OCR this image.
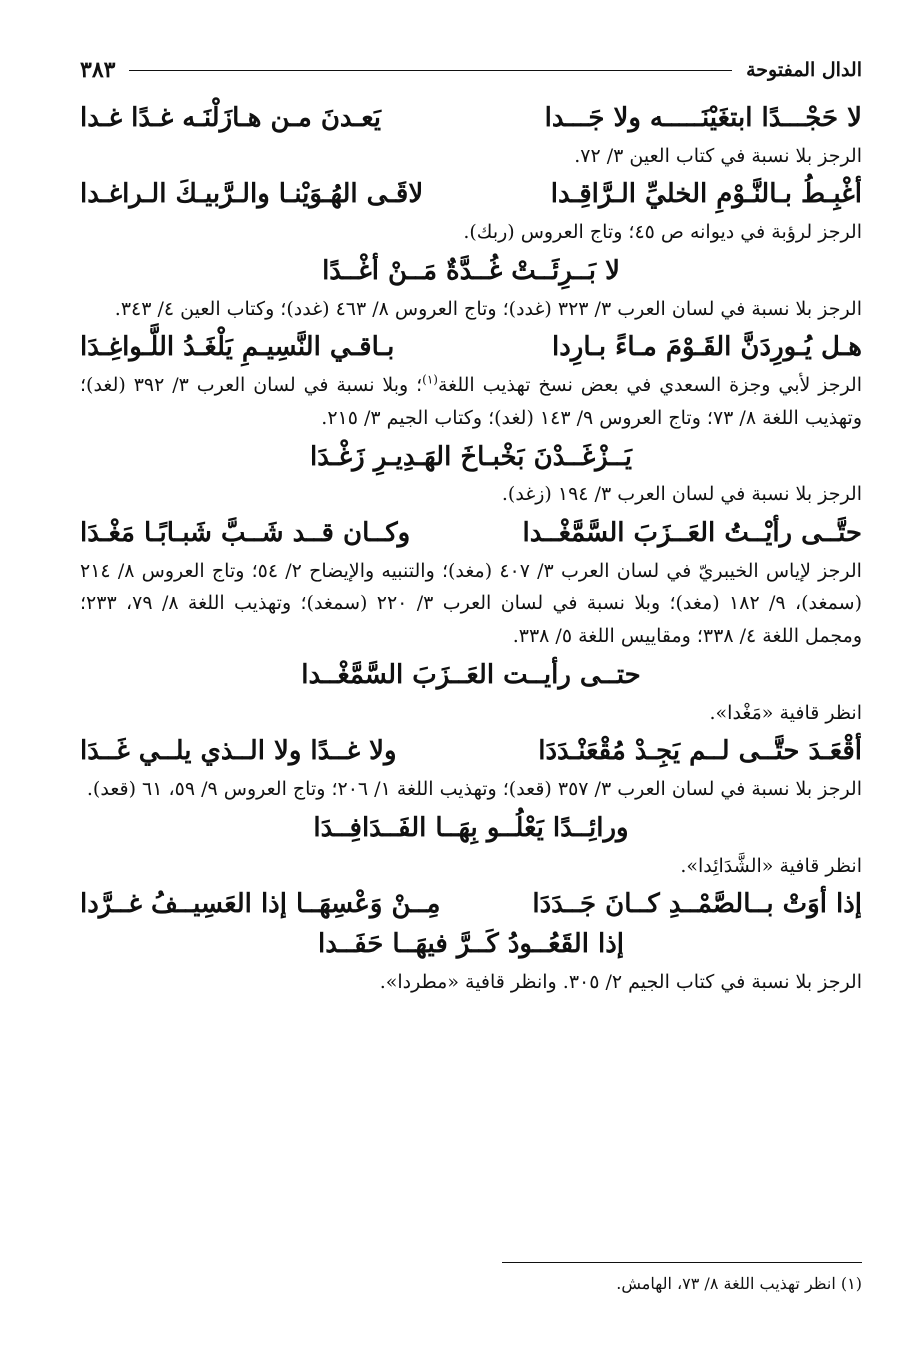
الدال المفتوحة
٣٨٣
لا حَجْـــدًا ابتغَيْنَـــــه ولا جَـــدا
يَعـدنَ مـن هـازَلْنَـه غـدًا غـدا
الرجز بلا نسبة في كتاب العين ٣/ ٧٢.
أغْبِـطُ بـالنَّـوْمِ الخليِّ الـرَّاقِـدا
لاقَـى الهُـوَيْنـا والـرَّبيـكَ الـراغـدا
الرجز لرؤبة في ديوانه ص ٤٥؛ وتاج العروس (ربك).
لا بَــرِئَــتْ غُــدَّةٌ مَــنْ أغْــدًا
الرجز بلا نسبة في لسان العرب ٣/ ٣٢٣ (غدد)؛ وتاج العروس ٨/ ٤٦٣ (غدد)؛ وكتاب العين ٤/ ٣٤٣.
هـل يُـورِدَنَّ القَـوْمَ مـاءً بـارِدا
بـاقـي النَّسِيـمِ يَلْغَـدُ اللَّـواغِـدَا
الرجز لأبي وجزة السعدي في بعض نسخ تهذيب اللغة$^{(١)}$؛ وبلا نسبة في لسان العرب ٣/ ٣٩٢ (لغد)؛ وتهذيب اللغة ٨/ ٧٣؛ وتاج العروس ٩/ ١٤٣ (لغد)؛ وكتاب الجيم ٣/ ٢١٥.
يَــزْغَــدْنَ بَخْبـاخَ الهَـدِيـرِ زَغْـدَا
الرجز بلا نسبة في لسان العرب ٣/ ١٩٤ (زغد).
حتَّــى رأيْــتُ العَــزَبَ السَّمَّغْــدا
وكــان قــد شَــبَّ شَبـابًـا مَغْـدَا
الرجز لإياس الخيبريّ في لسان العرب ٣/ ٤٠٧ (مغد)؛ والتنبيه والإيضاح ٢/ ٥٤؛ وتاج العروس ٨/ ٢١٤ (سمغد)، ٩/ ١٨٢ (مغد)؛ وبلا نسبة في لسان العرب ٣/ ٢٢٠ (سمغد)؛ وتهذيب اللغة ٨/ ٧٩، ٢٣٣؛ ومجمل اللغة ٤/ ٣٣٨؛ ومقاييس اللغة ٥/ ٣٣٨.
حتــى رأيــت العَــزَبَ السَّمَّغْــدا
انظر قافية «مَغْدا».
أقْعَـدَ حتَّــى لــم يَجِـدْ مُقْعَنْـدَدَا
ولا غــدًا ولا الــذي يلــي غَــدَا
الرجز بلا نسبة في لسان العرب ٣/ ٣٥٧ (قعد)؛ وتهذيب اللغة ١/ ٢٠٦؛ وتاج العروس ٩/ ٥٩، ٦١ (قعد).
ورائِــدًا يَعْلُــو بِهَــا الفَــدَافِــدَا
انظر قافية «الشَّدَائِدا».
إذا أوَتْ بــالصَّمْــدِ كــانَ جَــدَدَا
مِــنْ وَعْسِهَــا إذا العَسِيــفُ غــرَّدا
إذا القَعُــودُ كَــرَّ فيهَــا حَفَــدا
الرجز بلا نسبة في كتاب الجيم ٢/ ٣٠٥. وانظر قافية «مطردا».
(١) انظر تهذيب اللغة ٨/ ٧٣، الهامش.
